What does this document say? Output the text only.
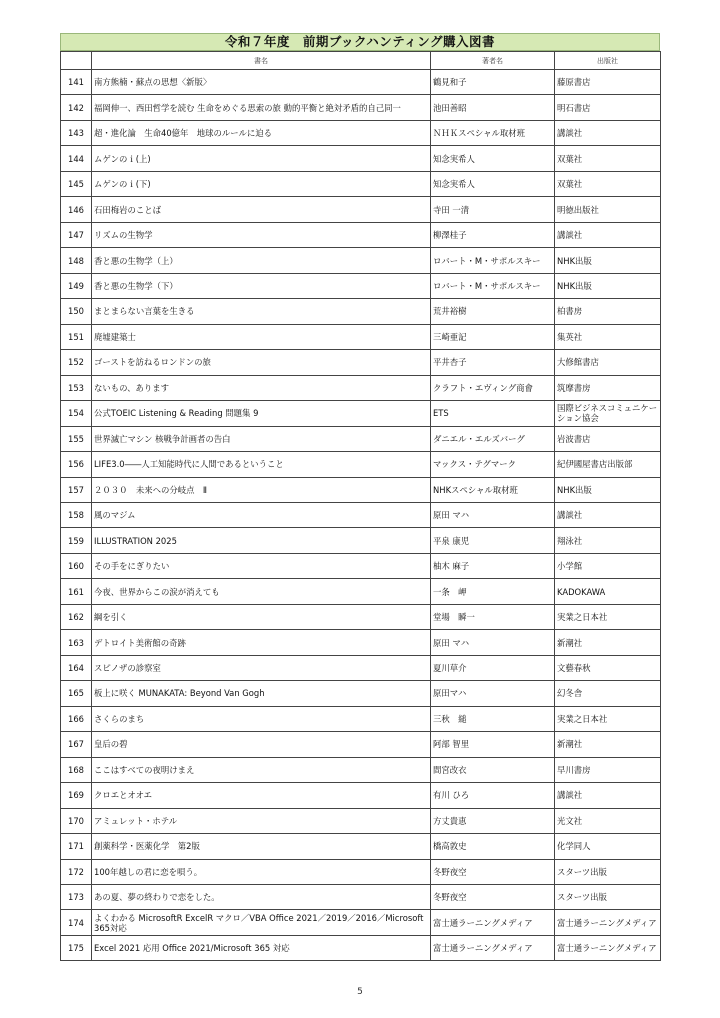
令和７年度　前期ブックハンティング購入図書
	書名	著者名	出版社
141	南方熊楠・蘇点の思想〈新版〉	鶴見和子	藤原書店
142	福岡伸一、西田哲学を読む 生命をめぐる思索の旅 動的平衡と絶対矛盾的自己同一	池田善昭	明石書店
143	超・進化論　生命40億年　地球のルールに迫る	ＮＨＫスペシャル取材班	講談社
144	ムゲンのｉ(上)	知念実希人	双葉社
145	ムゲンのｉ(下)	知念実希人	双葉社
146	石田梅岩のことば	寺田 一清	明徳出版社
147	リズムの生物学	柳澤桂子	講談社
148	香と悪の生物学（上）	ロバート・M・サポルスキー	NHK出版
149	香と悪の生物学（下）	ロバート・M・サポルスキー	NHK出版
150	まとまらない言葉を生きる	荒井裕樹	柏書房
151	廃墟建築士	三崎亜記	集英社
152	ゴーストを訪ねるロンドンの旅	平井杏子	大修館書店
153	ないもの、あります	クラフト・エヴィング商會	筑摩書房
154	公式TOEIC Listening & Reading 問題集 9	ETS	国際ビジネスコミュニケーション協会
155	世界滅亡マシン 核戦争計画者の告白	ダニエル・エルズバーグ	岩波書店
156	LIFE3.0――人工知能時代に人間であるということ	マックス・テグマーク	紀伊國屋書店出版部
157	２０３０　未来への分岐点　Ⅱ	NHKスペシャル取材班	NHK出版
158	風のマジム	原田 マハ	講談社
159	ILLUSTRATION 2025	平泉 康児	翔泳社
160	その手をにぎりたい	柚木 麻子	小学館
161	今夜、世界からこの涙が消えても	一条　岬	KADOKAWA
162	綱を引く	堂場　瞬一	実業之日本社
163	デトロイト美術館の奇跡	原田 マハ	新潮社
164	スピノザの診察室	夏川草介	文藝春秋
165	板上に咲く MUNAKATA: Beyond Van Gogh	原田マハ	幻冬舎
166	さくらのまち	三秋　縋	実業之日本社
167	皇后の碧	阿部 智里	新潮社
168	ここはすべての夜明けまえ	間宮改衣	早川書房
169	クロエとオオエ	有川 ひろ	講談社
170	アミュレット・ホテル	方丈貴恵	光文社
171	創薬科学・医薬化学　第2版	橋高敦史	化学同人
172	100年越しの君に恋を唄う。	冬野夜空	スターツ出版
173	あの夏、夢の終わりで恋をした。	冬野夜空	スターツ出版
174	よくわかる MicrosoftR ExcelR マクロ／VBA Office 2021／2019／2016／Microsoft 365対応	富士通ラーニングメディア	富士通ラーニングメディア
175	Excel 2021 応用 Office 2021/Microsoft 365 対応	富士通ラーニングメディア	富士通ラーニングメディア
5
